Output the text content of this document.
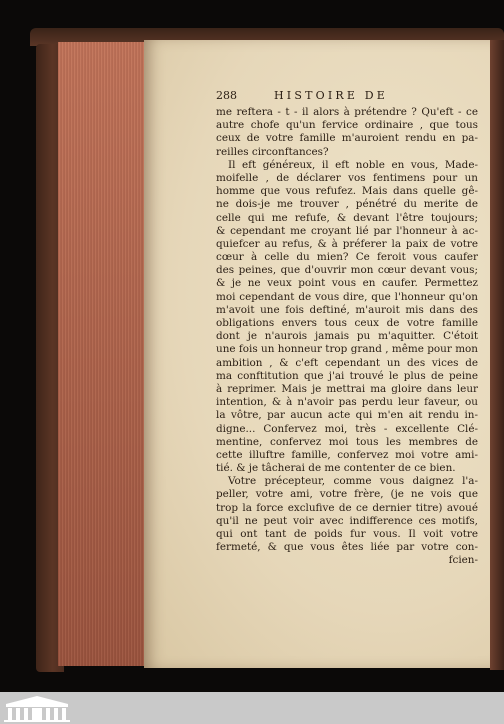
288	HISTOIRE DE
me reftera - t - il alors à prétendre ? Qu'eft - ce
autre chofe qu'un fervice ordinaire , que tous
ceux de votre famille m'auroient rendu en pa-
reilles circonftances?
Il eft généreux, il eft noble en vous, Made-
moifelle , de déclarer vos fentimens pour un
homme que vous refufez. Mais dans quelle gê-
ne dois-je me trouver , pénétré du merite de
celle qui me refufe, & devant l'être toujours;
& cependant me croyant lié par l'honneur à ac-
quiefcer au refus, & à préferer la paix de votre
cœur à celle du mien? Ce feroit vous caufer
des peines, que d'ouvrir mon cœur devant vous;
& je ne veux point vous en caufer. Permettez
moi cependant de vous dire, que l'honneur qu'on
m'avoit une fois deftiné, m'auroit mis dans des
obligations envers tous ceux de votre famille
dont je n'aurois jamais pu m'aquitter. C'étoit
une fois un honneur trop grand , même pour mon
ambition , & c'eft cependant un des vices de
ma conftitution que j'ai trouvé le plus de peine
à reprimer. Mais je mettrai ma gloire dans leur
intention, & à n'avoir pas perdu leur faveur, ou
la vôtre, par aucun acte qui m'en ait rendu in-
digne... Confervez moi, très - excellente Clé-
mentine, confervez moi tous les membres de
cette illuftre famille, confervez moi votre ami-
tié. & je tâcherai de me contenter de ce bien.
Votre précepteur, comme vous daignez l'a-
peller, votre ami, votre frère, (je ne vois que
trop la force exclufive de ce dernier titre) avoué
qu'il ne peut voir avec indifference ces motifs,
qui ont tant de poids fur vous. Il voit votre
fermeté, & que vous êtes liée par votre con-
fcien-
